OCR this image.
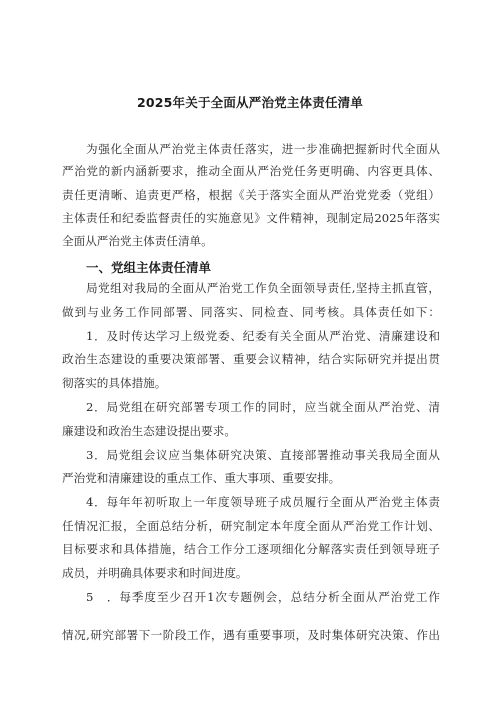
2025年关于全面从严治党主体责任清单
为强化全面从严治党主体责任落实，进一步准确把握新时代全面从
严治党的新内涵新要求，推动全面从严治党任务更明确、内容更具体、
责任更清晰、追责更严格，根据《关于落实全面从严治党党委（党组）
主体责任和纪委监督责任的实施意见》文件精神，现制定局2025年落实
全面从严治党主体责任清单。
一、党组主体责任清单
局党组对我局的全面从严治党工作负全面领导责任,坚持主抓直管，
做到与业务工作同部署、同落实、同检查、同考核。具体责任如下：
1．及时传达学习上级党委、纪委有关全面从严治党、清廉建设和
政治生态建设的重要决策部署、重要会议精神，结合实际研究并提出贯
彻落实的具体措施。
2．局党组在研究部署专项工作的同时，应当就全面从严治党、清
廉建设和政治生态建设提出要求。
3．局党组会议应当集体研究决策、直接部署推动事关我局全面从
严治党和清廉建设的重点工作、重大事项、重要安排。
4．每年年初听取上一年度领导班子成员履行全面从严治党主体责
任情况汇报，全面总结分析，研究制定本年度全面从严治党工作计划、
目标要求和具体措施，结合工作分工逐项细化分解落实责任到领导班子
成员，并明确具体要求和时间进度。
5　．每季度至少召开1次专题例会，总结分析全面从严治党工作
情况,研究部署下一阶段工作，遇有重要事项，及时集体研究决策、作出
